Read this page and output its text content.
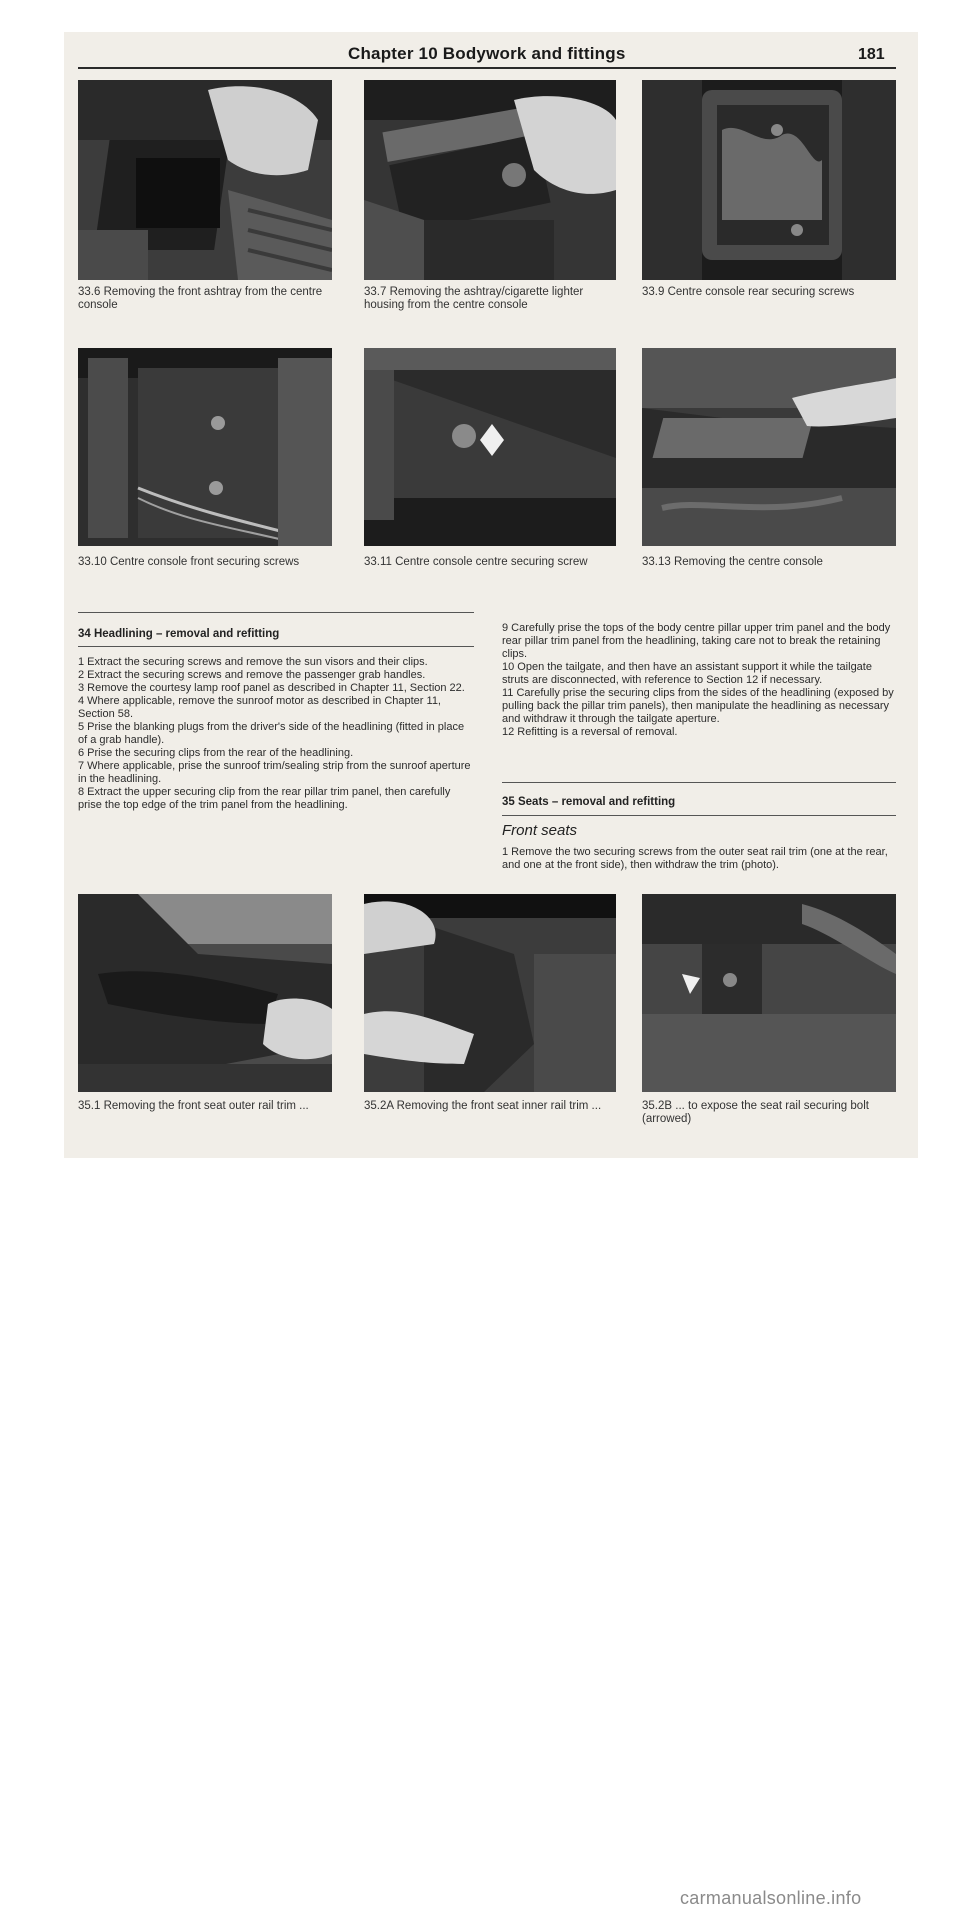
Chapter 10 Bodywork and fittings	181
33.6 Removing the front ashtray from the centre console
33.7 Removing the ashtray/cigarette lighter housing from the centre console
33.9 Centre console rear securing screws
33.10 Centre console front securing screws	33.11 Centre console centre securing screw	33.13 Removing the centre console
34 Headlining – removal and refitting

1 Extract the securing screws and remove the sun visors and their clips.

2 Extract the securing screws and remove the passenger grab handles.

3 Remove the courtesy lamp roof panel as described in Chapter 11, Section 22.

4 Where applicable, remove the sunroof motor as described in Chapter 11, Section 58.

5 Prise the blanking plugs from the driver's side of the headlining (fitted in place of a grab handle).

6 Prise the securing clips from the rear of the headlining.

7 Where applicable, prise the sunroof trim/sealing strip from the sunroof aperture in the headlining.

8 Extract the upper securing clip from the rear pillar trim panel, then carefully prise the top edge of the trim panel from the headlining.

9 Carefully prise the tops of the body centre pillar upper trim panel and the body rear pillar trim panel from the headlining, taking care not to break the retaining clips.

10 Open the tailgate, and then have an assistant support it while the tailgate struts are disconnected, with reference to Section 12 if necessary.

11 Carefully prise the securing clips from the sides of the headlining (exposed by pulling back the pillar trim panels), then manipulate the headlining as necessary and withdraw it through the tailgate aperture.

12 Refitting is a reversal of removal.

35 Seats – removal and refitting
Front seats

1 Remove the two securing screws from the outer seat rail trim (one at the rear, and one at the front side), then withdraw the trim (photo).

35.1 Removing the front seat outer rail trim ...	35.2A Removing the front seat inner rail trim ...	35.2B ... to expose the seat rail securing bolt (arrowed)
carmanualsonline.info
